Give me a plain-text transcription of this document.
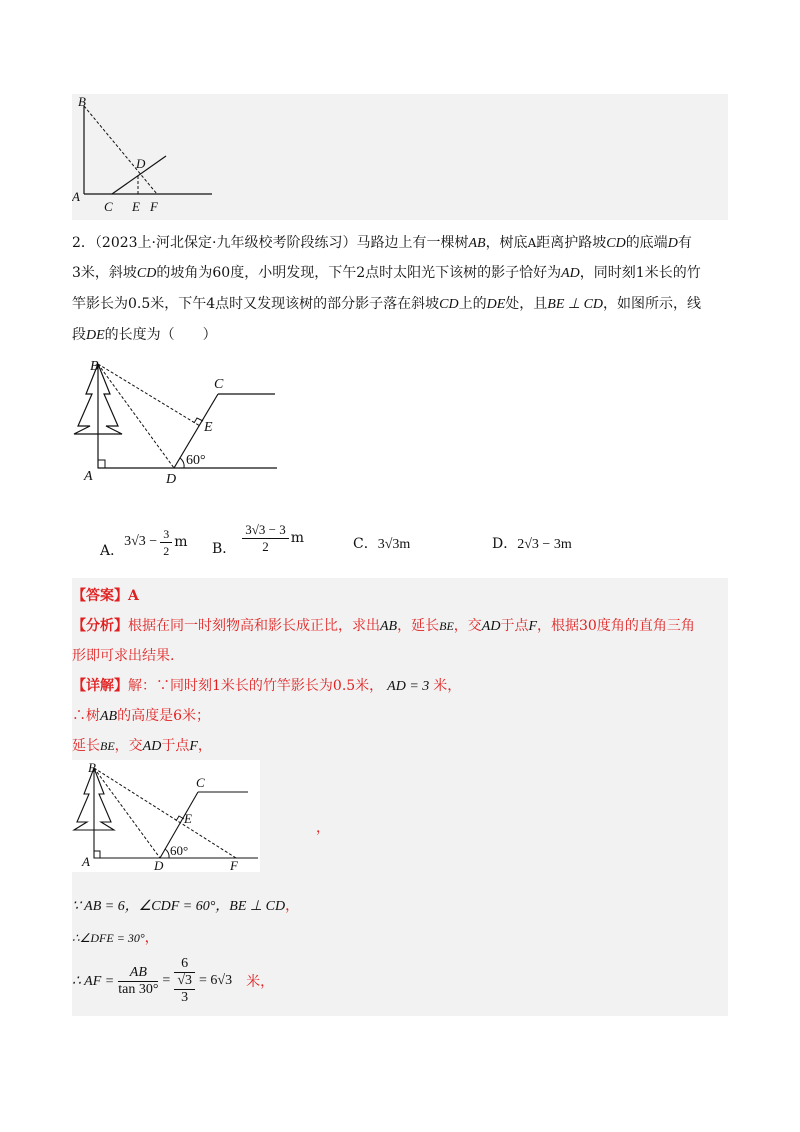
B
D
A
C E F
2．（2023上·河北保定·九年级校考阶段练习）马路边上有一棵树AB，树底A距离护路坡CD的底端D有
3米，斜坡CD的坡角为60度，小明发现，下午2点时太阳光下该树的影子恰好为AD，同时刻1米长的竹
竿影长为0.5米，下午4点时又发现该树的部分影子落在斜坡CD上的DE处，且BE ⊥ CD，如图所示，线
段DE的长度为（　　）
B
C
E
60°
A	D
A．
$3√3 - \frac{3}{2}$ m B． $\frac{3√3 - 3}{2}$ m	C．3√3m	D．2√3 − 3m
【答案】A
【分析】根据在同一时刻物高和影长成正比，求出AB，延长BE，交AD于点F，根据30度角的直角三角
形即可求出结果.
【详解】解：∵同时刻1米长的竹竿影长为0.5米， AD = 3 米，
∴树AB的高度是6米；
延长BE，交AD于点F，
B
C
E
60°
A	D	F
，
∵ AB = 6，∠CDF = 60°，BE ⊥ CD，
∴∠DFE = 30°，
∴ AF = $\frac{AB}{\tan 30^\circ} = \frac{6}{\frac{√3}{3}} = 6√3$ 米，
